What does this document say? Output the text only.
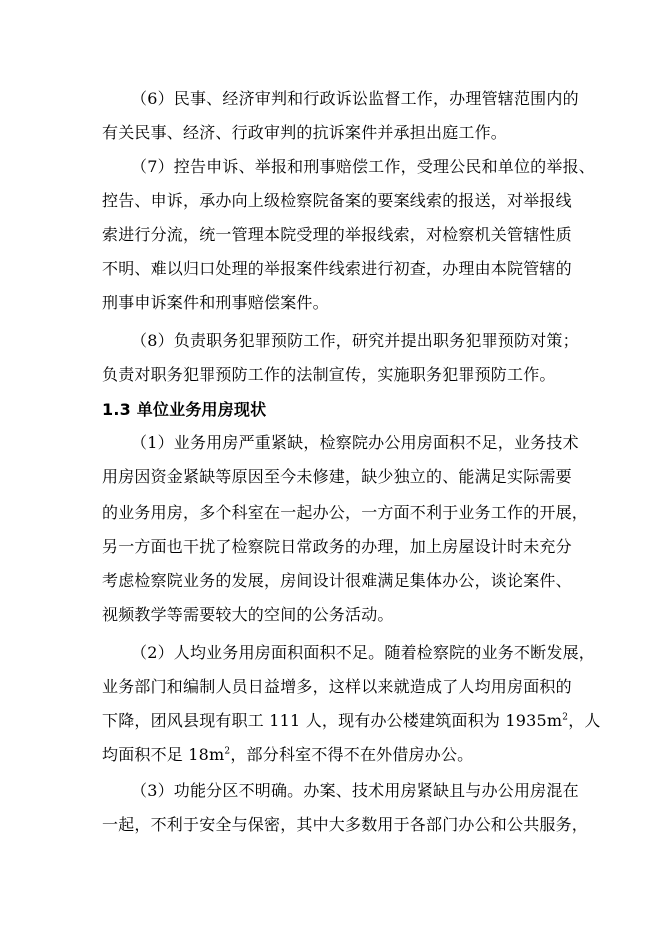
（6）民事、经济审判和行政诉讼监督工作，办理管辖范围内的
有关民事、经济、行政审判的抗诉案件并承担出庭工作。
（7）控告申诉、举报和刑事赔偿工作，受理公民和单位的举报、
控告、申诉，承办向上级检察院备案的要案线索的报送，对举报线
索进行分流，统一管理本院受理的举报线索，对检察机关管辖性质
不明、难以归口处理的举报案件线索进行初查，办理由本院管辖的
刑事申诉案件和刑事赔偿案件。
（8）负责职务犯罪预防工作，研究并提出职务犯罪预防对策；
负责对职务犯罪预防工作的法制宣传，实施职务犯罪预防工作。
1.3 单位业务用房现状
（1）业务用房严重紧缺，检察院办公用房面积不足，业务技术
用房因资金紧缺等原因至今未修建，缺少独立的、能满足实际需要
的业务用房，多个科室在一起办公，一方面不利于业务工作的开展，
另一方面也干扰了检察院日常政务的办理，加上房屋设计时未充分
考虑检察院业务的发展，房间设计很难满足集体办公，谈论案件、
视频教学等需要较大的空间的公务活动。
（2）人均业务用房面积面积不足。随着检察院的业务不断发展，
业务部门和编制人员日益增多，这样以来就造成了人均用房面积的
下降，团风县现有职工 111 人，现有办公楼建筑面积为 $1935m^2$，人
均面积不足 $18m^2$，部分科室不得不在外借房办公。
（3）功能分区不明确。办案、技术用房紧缺且与办公用房混在
一起，不利于安全与保密，其中大多数用于各部门办公和公共服务，
